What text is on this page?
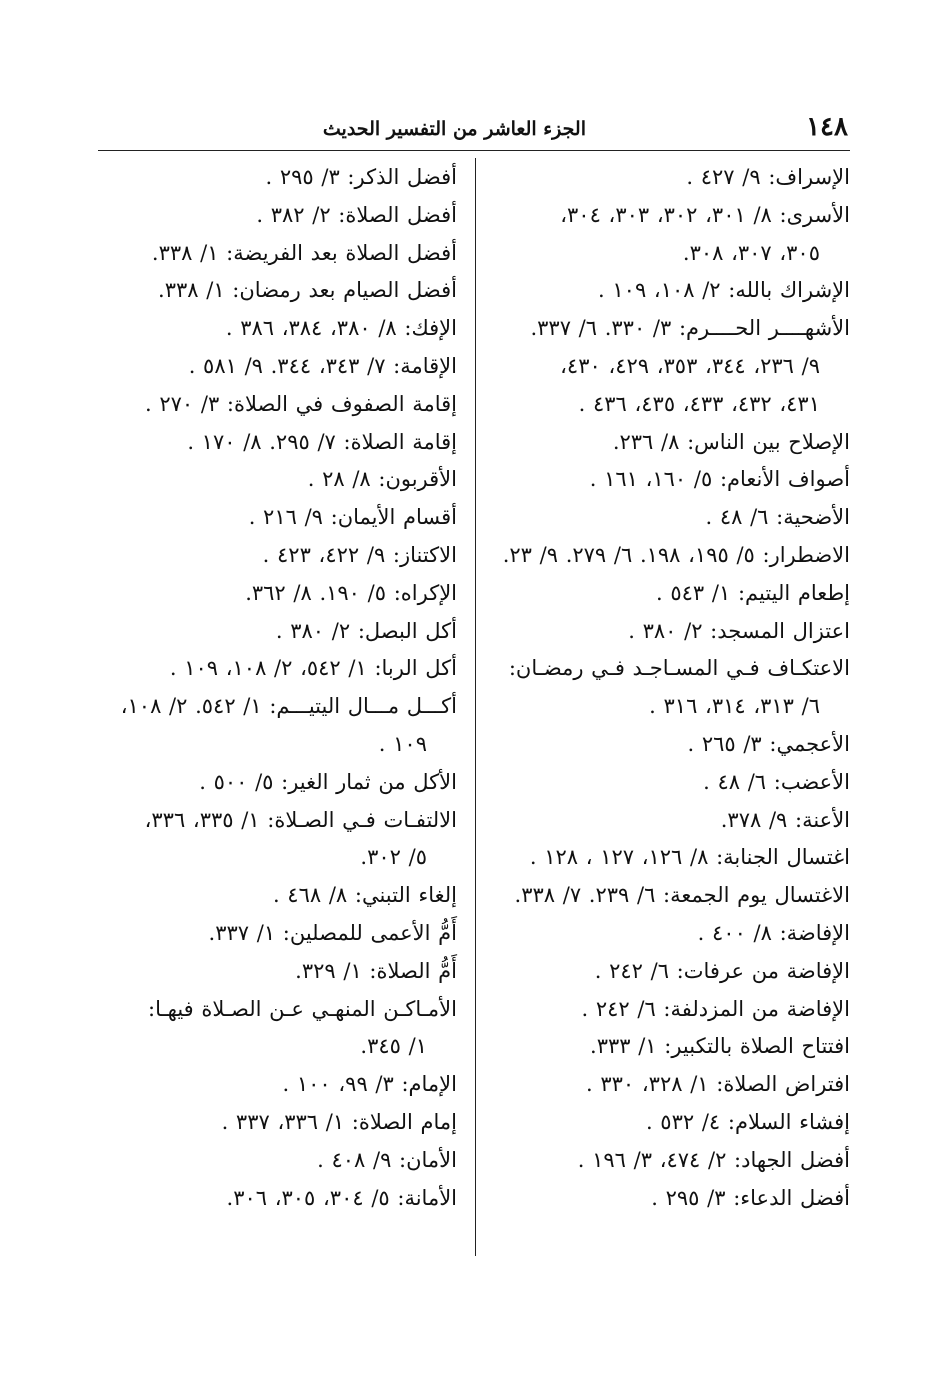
١٤٨
الجزء العاشر من التفسير الحديث

الإسراف: ٩/ ٤٢٧ .

الأسرى: ٨/ ٣٠١، ٣٠٢، ٣٠٣، ٣٠٤،
٣٠٥، ٣٠٧، ٣٠٨.

الإشراك بالله: ٢/ ١٠٨، ١٠٩ .

الأشهــــر الحــــرم: ٣/ ٣٣٠. ٦/ ٣٣٧.
٩/ ٢٣٦، ٣٤٤، ٣٥٣، ٤٢٩، ٤٣٠،
٤٣١، ٤٣٢، ٤٣٣، ٤٣٥، ٤٣٦ .

الإصلاح بين الناس: ٨/ ٢٣٦.

أصواف الأنعام: ٥/ ١٦٠، ١٦١ .

الأضحية: ٦/ ٤٨ .

الاضطرار: ٥/ ١٩٥، ١٩٨. ٦/ ٢٧٩. ٩/ ٢٣.

إطعام اليتيم: ١/ ٥٤٣ .

اعتزال المسجد: ٢/ ٣٨٠ .

الاعتكـاف فـي المسـاجـد فـي رمضـان:
٦/ ٣١٣، ٣١٤، ٣١٦ .

الأعجمي: ٣/ ٢٦٥ .

الأعضب: ٦/ ٤٨ .

الأعنة: ٩/ ٣٧٨.

اغتسال الجنابة: ٨/ ١٢٦، ١٢٧ ، ١٢٨ .

الاغتسال يوم الجمعة: ٦/ ٢٣٩. ٧/ ٣٣٨.

الإفاضة: ٨/ ٤٠٠ .

الإفاضة من عرفات: ٦/ ٢٤٢ .

الإفاضة من المزدلفة: ٦/ ٢٤٢ .

افتتاح الصلاة بالتكبير: ١/ ٣٣٣.

افتراض الصلاة: ١/ ٣٢٨، ٣٣٠ .

إفشاء السلام: ٤/ ٥٣٢ .

أفضل الجهاد: ٢/ ٤٧٤، ٣/ ١٩٦ .

أفضل الدعاء: ٣/ ٢٩٥ .

أفضل الذكر: ٣/ ٢٩٥ .

أفضل الصلاة: ٢/ ٣٨٢ .

أفضل الصلاة بعد الفريضة: ١/ ٣٣٨.

أفضل الصيام بعد رمضان: ١/ ٣٣٨.

الإفك: ٨/ ٣٨٠، ٣٨٤، ٣٨٦ .

الإقامة: ٧/ ٣٤٣، ٣٤٤. ٩/ ٥٨١ .

إقامة الصفوف في الصلاة: ٣/ ٢٧٠ .

إقامة الصلاة: ٧/ ٢٩٥. ٨/ ١٧٠ .

الأقربون: ٨/ ٢٨ .

أقسام الأيمان: ٩/ ٢١٦ .

الاكتناز: ٩/ ٤٢٢، ٤٢٣ .

الإكراه: ٥/ ١٩٠. ٨/ ٣٦٢.

أكل البصل: ٢/ ٣٨٠ .

أكل الربا: ١/ ٥٤٢، ٢/ ١٠٨، ١٠٩ .

أكـــل مـــال اليتيـــم: ١/ ٥٤٢. ٢/ ١٠٨،
١٠٩ .

الأكل من ثمار الغير: ٥/ ٥٠٠ .

الالتفـات فـي الصـلاة: ١/ ٣٣٥، ٣٣٦،
٥/ ٣٠٢.

إلغاء التبني: ٨/ ٤٦٨ .

أَمُّ الأعمى للمصلين: ١/ ٣٣٧.

أَمُّ الصلاة: ١/ ٣٢٩.

الأمـاكـن المنهـي عـن الصـلاة فيهـا:
١/ ٣٤٥.

الإمام: ٣/ ٩٩، ١٠٠ .

إمام الصلاة: ١/ ٣٣٦، ٣٣٧ .

الأمان: ٩/ ٤٠٨ .

الأمانة: ٥/ ٣٠٤، ٣٠٥، ٣٠٦.
